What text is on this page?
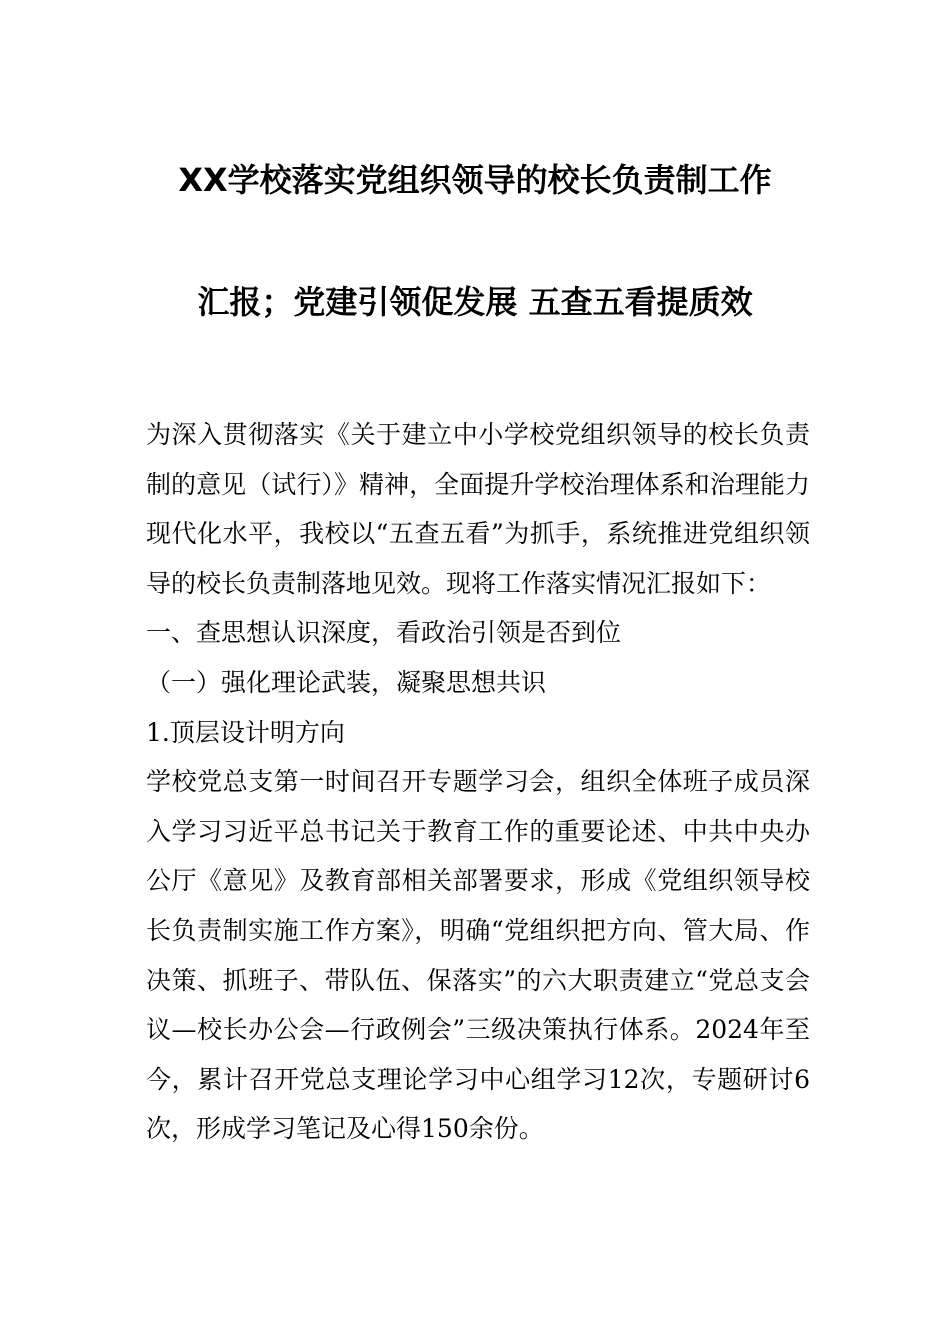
XX学校落实党组织领导的校长负责制工作
汇报；党建引领促发展 五查五看提质效

为深入贯彻落实《关于建立中小学校党组织领导的校长负责制的意见（试行）》精神，全面提升学校治理体系和治理能力现代化水平，我校以“五查五看”为抓手，系统推进党组织领导的校长负责制落地见效。现将工作落实情况汇报如下：

一、查思想认识深度，看政治引领是否到位

（一）强化理论武装，凝聚思想共识

1.顶层设计明方向

学校党总支第一时间召开专题学习会，组织全体班子成员深入学习习近平总书记关于教育工作的重要论述、中共中央办公厅《意见》及教育部相关部署要求，形成《党组织领导校长负责制实施工作方案》，明确“党组织把方向、管大局、作决策、抓班子、带队伍、保落实”的六大职责建立“党总支会议—校长办公会—行政例会”三级决策执行体系。2024年至今，累计召开党总支理论学习中心组学习12次，专题研讨6次，形成学习笔记及心得150余份。
